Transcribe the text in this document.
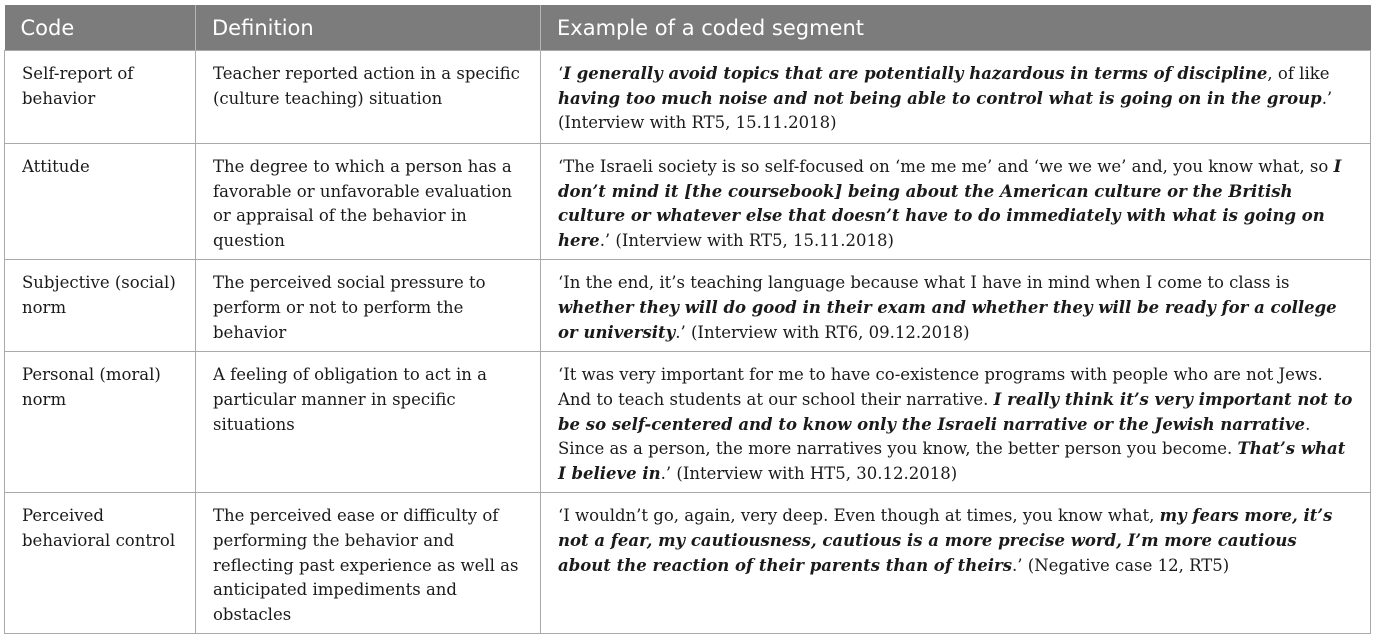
Code	Definition	Example of a coded segment
Self-report of behavior	Teacher reported action in a specific (culture teaching) situation	‘I generally avoid topics that are potentially hazardous in terms of discipline, of like having too much noise and not being able to control what is going on in the group.’ (Interview with RT5, 15.11.2018)
Attitude	The degree to which a person has a favorable or unfavorable evaluation or appraisal of the behavior in question	‘The Israeli society is so self-focused on ‘me me me’ and ‘we we we’ and, you know what, so I don’t mind it [the coursebook] being about the American culture or the British culture or whatever else that doesn’t have to do immediately with what is going on here.’ (Interview with RT5, 15.11.2018)
Subjective (social) norm	The perceived social pressure to perform or not to perform the behavior	‘In the end, it’s teaching language because what I have in mind when I come to class is whether they will do good in their exam and whether they will be ready for a college or university.’ (Interview with RT6, 09.12.2018)
Personal (moral) norm	A feeling of obligation to act in a particular manner in specific situations	‘It was very important for me to have co-existence programs with people who are not Jews. And to teach students at our school their narrative. I really think it’s very important not to be so self-centered and to know only the Israeli narrative or the Jewish narrative. Since as a person, the more narratives you know, the better person you become. That’s what I believe in.’ (Interview with HT5, 30.12.2018)
Perceived behavioral control	The perceived ease or difficulty of performing the behavior and reflecting past experience as well as anticipated impediments and obstacles	‘I wouldn’t go, again, very deep. Even though at times, you know what, my fears more, it’s not a fear, my cautiousness, cautious is a more precise word, I’m more cautious about the reaction of their parents than of theirs.’ (Negative case 12, RT5)
